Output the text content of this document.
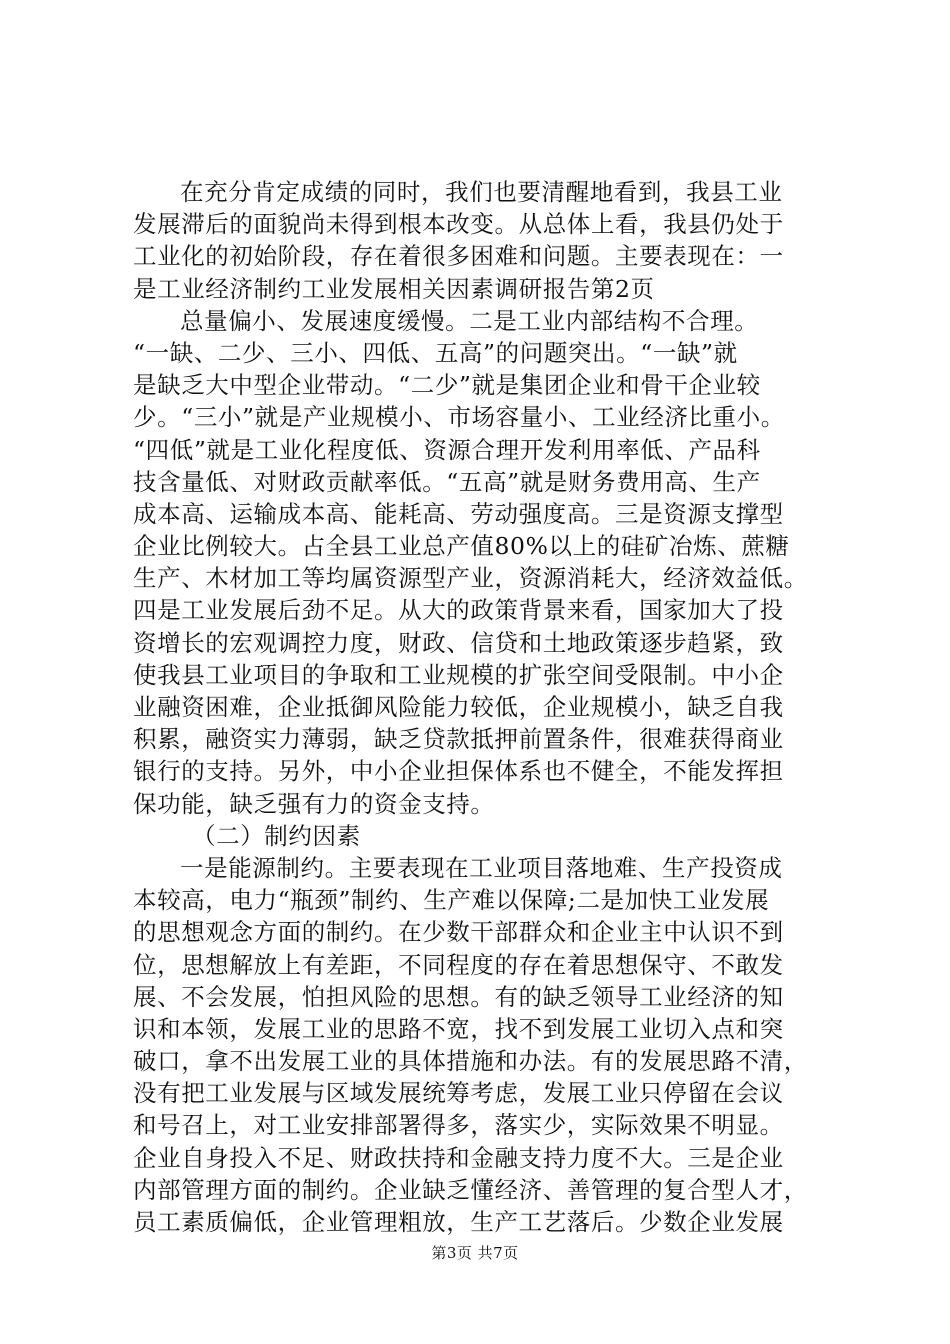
在充分肯定成绩的同时，我们也要清醒地看到，我县工业
发展滞后的面貌尚未得到根本改变。从总体上看，我县仍处于
工业化的初始阶段，存在着很多困难和问题。主要表现在：一
是工业经济制约工业发展相关因素调研报告第2页
总量偏小、发展速度缓慢。二是工业内部结构不合理。
“一缺、二少、三小、四低、五高”的问题突出。“一缺”就
是缺乏大中型企业带动。“二少”就是集团企业和骨干企业较
少。“三小”就是产业规模小、市场容量小、工业经济比重小。
“四低”就是工业化程度低、资源合理开发利用率低、产品科
技含量低、对财政贡献率低。“五高”就是财务费用高、生产
成本高、运输成本高、能耗高、劳动强度高。三是资源支撑型
企业比例较大。占全县工业总产值80%以上的硅矿冶炼、蔗糖
生产、木材加工等均属资源型产业，资源消耗大，经济效益低。
四是工业发展后劲不足。从大的政策背景来看，国家加大了投
资增长的宏观调控力度，财政、信贷和土地政策逐步趋紧，致
使我县工业项目的争取和工业规模的扩张空间受限制。中小企
业融资困难，企业抵御风险能力较低，企业规模小，缺乏自我
积累，融资实力薄弱，缺乏贷款抵押前置条件，很难获得商业
银行的支持。另外，中小企业担保体系也不健全，不能发挥担
保功能，缺乏强有力的资金支持。
（二）制约因素
一是能源制约。主要表现在工业项目落地难、生产投资成
本较高，电力“瓶颈”制约、生产难以保障;二是加快工业发展
的思想观念方面的制约。在少数干部群众和企业主中认识不到
位，思想解放上有差距，不同程度的存在着思想保守、不敢发
展、不会发展，怕担风险的思想。有的缺乏领导工业经济的知
识和本领，发展工业的思路不宽，找不到发展工业切入点和突
破口，拿不出发展工业的具体措施和办法。有的发展思路不清，
没有把工业发展与区域发展统筹考虑，发展工业只停留在会议
和号召上，对工业安排部署得多，落实少，实际效果不明显。
企业自身投入不足、财政扶持和金融支持力度不大。三是企业
内部管理方面的制约。企业缺乏懂经济、善管理的复合型人才，
员工素质偏低，企业管理粗放，生产工艺落后。少数企业发展
第3页 共7页
